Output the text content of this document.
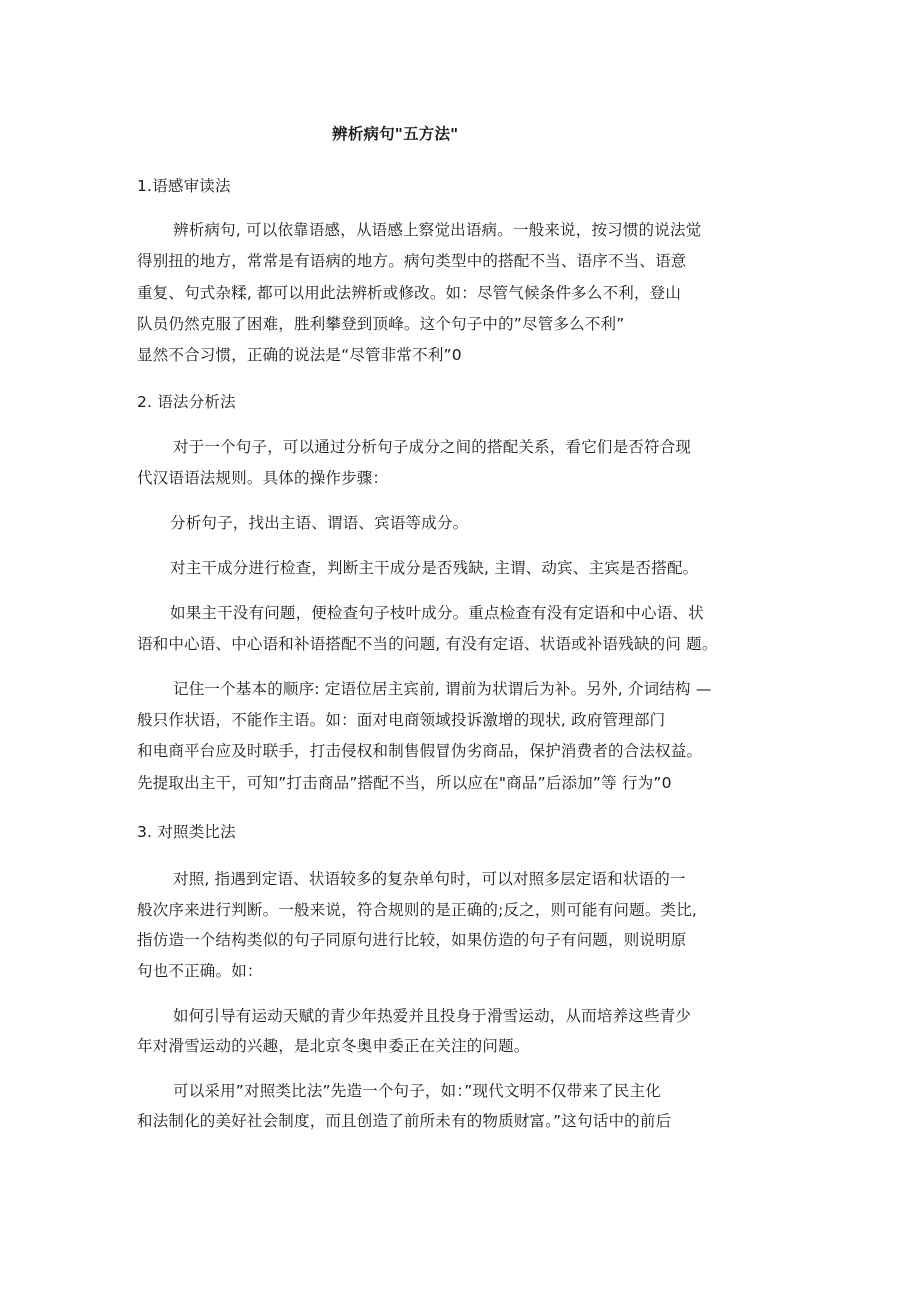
辨析病句"五方法"
1.语感审读法
辨析病句, 可以依靠语感，从语感上察觉出语病。一般来说，按习惯的说法觉
得别扭的地方，常常是有语病的地方。病句类型中的搭配不当、语序不当、语意
重复、句式杂糅, 都可以用此法辨析或修改。如：尽管气候条件多么不利，登山
队员仍然克服了困难，胜利攀登到顶峰。这个句子中的”尽管多么不利”
显然不合习惯，正确的说法是“尽管非常不利”0
2. 语法分析法
对于一个句子，可以通过分析句子成分之间的搭配关系，看它们是否符合现
代汉语语法规则。具体的操作步骤：
分析句子，找出主语、谓语、宾语等成分。
对主干成分进行检查，判断主干成分是否残缺, 主谓、动宾、主宾是否搭配。
如果主干没有问题，便检查句子枝叶成分。重点检查有没有定语和中心语、状
语和中心语、中心语和补语搭配不当的问题, 有没有定语、状语或补语残缺的问 题。
记住一个基本的顺序: 定语位居主宾前, 谓前为状谓后为补。另外, 介词结构 —
般只作状语，不能作主语。如：面对电商领域投诉激增的现状, 政府管理部门
和电商平台应及时联手，打击侵权和制售假冒伪劣商品，保护消费者的合法权益。
先提取出主干，可知”打击商品”搭配不当，所以应在"商品”后添加”等 行为”0
3. 对照类比法
对照, 指遇到定语、状语较多的复杂单句时，可以对照多层定语和状语的一
般次序来进行判断。一般来说，符合规则的是正确的;反之，则可能有问题。类比,
指仿造一个结构类似的句子同原句进行比较，如果仿造的句子有问题，则说明原
句也不正确。如：
如何引导有运动天赋的青少年热爱并且投身于滑雪运动，从而培养这些青少
年对滑雪运动的兴趣，是北京冬奥申委正在关注的问题。
可以采用”对照类比法”先造一个句子，如：”现代文明不仅带来了民主化
和法制化的美好社会制度，而且创造了前所未有的物质财富。”这句话中的前后
